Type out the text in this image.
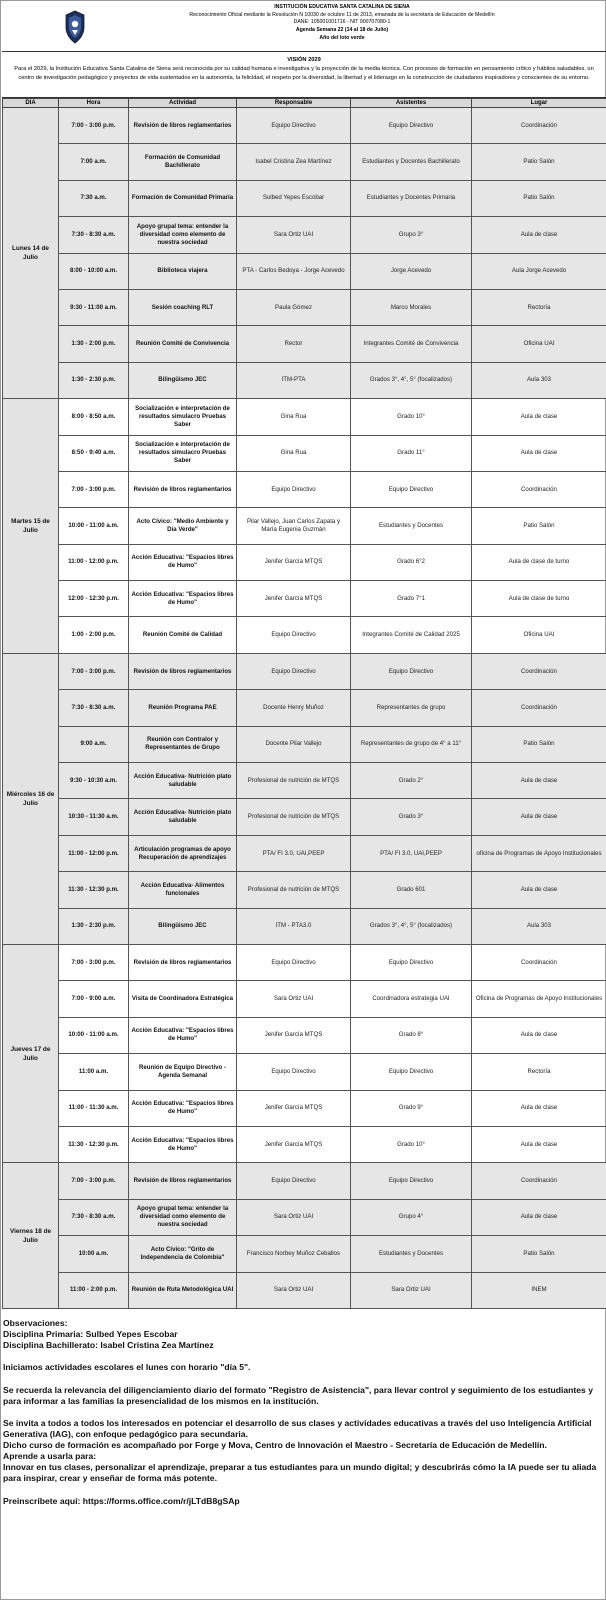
INSTITUCIÓN EDUCATIVA SANTA CATALINA DE SIENA
Reconocimiento Oficial mediante la Resolución N 10030 de octubre 11 de 2013, emanada de la secretaría de Educación de Medellín
DANE: 105001001716 - NIT 900707080-1
Agenda Semana 22 (14 al 18 de Julio)
Año del loto verde
VISIÓN 2029
Para el 2029, la Institución Educativa Santa Catalina de Siena será reconocida por su calidad humana e investigativa y la proyección de la media técnica. Con procesos de formación en pensamiento crítico y hábitos saludables, un centro de investigación pedagógico y proyectos de vida sustentados en la autonomía, la felicidad, el respeto por la diversidad, la libertad y el liderazgo en la construcción de ciudadanos inspiradores y conscientes de su entorno.
DIA	Hora	Actividad	Responsable	Asistentes	Lugar
Lunes 14 de Julio	7:00 - 3:00 p.m.	Revisión de libros reglamentarios	Equipo Directivo	Equipo Directivo	Coordinación
	7:00 a.m.	Formación de Comunidad Bachillerato	Isabel Cristina Zea Martínez	Estudiantes y Docentes Bachillerato	Patio Salón
	7:30 a.m.	Formación de Comunidad Primaria	Sulbed Yepes Escobar	Estudiantes y Docentes Primaria	Patio Salón
	7:30 - 8:30 a.m.	Apoyo grupal tema: entender la diversidad como elemento de nuestra sociedad	Sara Ortiz UAI	Grupo 3°	Aula de clase
	8:00 - 10:00 a.m.	Biblioteca viajera	PTA - Carlos Bedoya - Jorge Acevedo	Jorge Acevedo	Aula Jorge Acevedo
	9:30 - 11:00 a.m.	Sesión coaching RLT	Paula Gómez	Marco Morales	Rectoría
	1:30 - 2:00 p.m.	Reunión Comité de Convivencia	Rector	Integrantes Comité de Convivencia	Oficina UAI
	1:30 - 2:30 p.m.	Bilingüismo JEC	ITM-PTA	Grados 3°, 4°, 5° (focalizados)	Aula 303
Martes 15 de Julio	8:00 - 8:50 a.m.	Socialización e interpretación de resultados simulacro Pruebas Saber	Gina Rua	Grado 10°	Aula de clase
	8:50 - 9:40 a.m.	Socialización e interpretación de resultados simulacro Pruebas Saber	Gina Rua	Grado 11°	Aula de clase
	7:00 - 3:00 p.m.	Revisión de libros reglamentarios	Equipo Directivo	Equipo Directivo	Coordinación
	10:00 - 11:00 a.m.	Acto Cívico: "Medio Ambiente y Día Verde"	Pilar Vallejo, Juan Carlos Zapata y María Eugenia Guzmán	Estudiantes y Docentes	Patio Salón
	11:00 - 12:00 p.m.	Acción Educativa: "Espacios libres de Humo"	Jenifer García MTQS	Grado 6°2	Aula de clase de turno
	12:00 - 12:30 p.m.	Acción Educativa: "Espacios libres de Humo"	Jenifer García MTQS	Grado 7°1	Aula de clase de turno
	1:00 - 2:00 p.m.	Reunión Comité de Calidad	Equipo Directivo	Integrantes Comité de Calidad 2025	Oficina UAI
Miércoles 16 de Julio	7:00 - 3:00 p.m.	Revisión de libros reglamentarios	Equipo Directivo	Equipo Directivo	Coordinación
	7:30 - 8:30 a.m.	Reunión Programa PAE	Docente Henry Muñoz	Representantes de grupo	Coordinación
	9:00 a.m.	Reunión con Contralor y Representantes de Grupo	Docente Pilar Vallejo	Representantes de grupo de 4° a 11°	Patio Salón
	9:30 - 10:30 a.m.	Acción Educativa- Nutrición plato saludable	Profesional de nutrición de MTQS	Grado 2°	Aula de clase
	10:30 - 11:30 a.m.	Acción Educativa- Nutrición plato saludable	Profesional de nutrición de MTQS	Grado 3°	Aula de clase
	11:00 - 12:00 p.m.	Articulación programas de apoyo Recuperación de aprendizajes	PTA/ FI 3.0, UAI,PEEP	PTA/ FI 3.0, UAI,PEEP	oficina de Programas de Apoyo Institucionales
	11:30 - 12:30 p.m.	Acción Educativa- Alimentos funcionales	Profesional de nutrición de MTQS	Grado 601	Aula de clase
	1:30 - 2:30 p.m.	Bilingüismo JEC	ITM - PTA3.0	Grados 3°, 4°, 5° (focalizados)	Aula 303
Jueves 17 de Julio	7:00 - 3:00 p.m.	Revisión de libros reglamentarios	Equipo Directivo	Equipo Directivo	Coordinación
	7:00 - 9:00 a.m.	Visita de Coordinadora Estratégica	Sara Ortiz UAI	Coordinadora estrategia UAI	Oficina de Programas de Apoyo Institucionales
	10:00 - 11:00 a.m.	Acción Educativa: "Espacios libres de Humo"	Jenifer García MTQS	Grado 8°	Aula de clase
	11:00 a.m.	Reunión de Equipo Directivo - Agenda Semanal	Equipo Directivo	Equipo Directivo	Rectoría
	11:00 - 11:30 a.m.	Acción Educativa: "Espacios libres de Humo"	Jenifer García MTQS	Grado 9°	Aula de clase
	11:30 - 12:30 p.m.	Acción Educativa: "Espacios libres de Humo"	Jenifer García MTQS	Grado 10°	Aula de clase
Viernes 18 de Julio	7:00 - 3:00 p.m.	Revisión de libros reglamentarios	Equipo Directivo	Equipo Directivo	Coordinación
	7:30 - 8:30 a.m.	Apoyo grupal tema: entender la diversidad como elemento de nuestra sociedad	Sara Ortiz UAI	Grupo 4°	Aula de clase
	10:00 a.m.	Acto Cívico: "Grito de Independencia de Colombia"	Francisco Norbey Muñoz Ceballos	Estudiantes y Docentes	Patio Salón
	11:00 - 2:00 p.m.	Reunión de Ruta Metodológica UAI	Sara Ortiz UAI	Sara Ortiz UAI	INEM

Observaciones:

Disciplina Primaria: Sulbed Yepes Escobar

Disciplina Bachillerato: Isabel Cristina Zea Martínez

Iniciamos actividades escolares el lunes con horario "día 5".

Se recuerda la relevancia del diligenciamiento diario del formato "Registro de Asistencia", para llevar control y seguimiento de los estudiantes y para informar a las familias la presencialidad de los mismos en la institución.

Se invita a todos a todos los interesados en potenciar el desarrollo de sus clases y actividades educativas a través del uso Inteligencia Artificial Generativa (IAG), con enfoque pedagógico para secundaria.

Dicho curso de formación es acompañado por Forge y Mova, Centro de Innovación el Maestro - Secretaría de Educación de Medellín.

Aprende a usarla para:

Innovar en tus clases, personalizar el aprendizaje, preparar a tus estudiantes para un mundo digital; y descubrirás cómo la IA puede ser tu aliada para inspirar, crear y enseñar de forma más potente.

Preinscríbete aquí: https://forms.office.com/r/jLTdB8gSAp
